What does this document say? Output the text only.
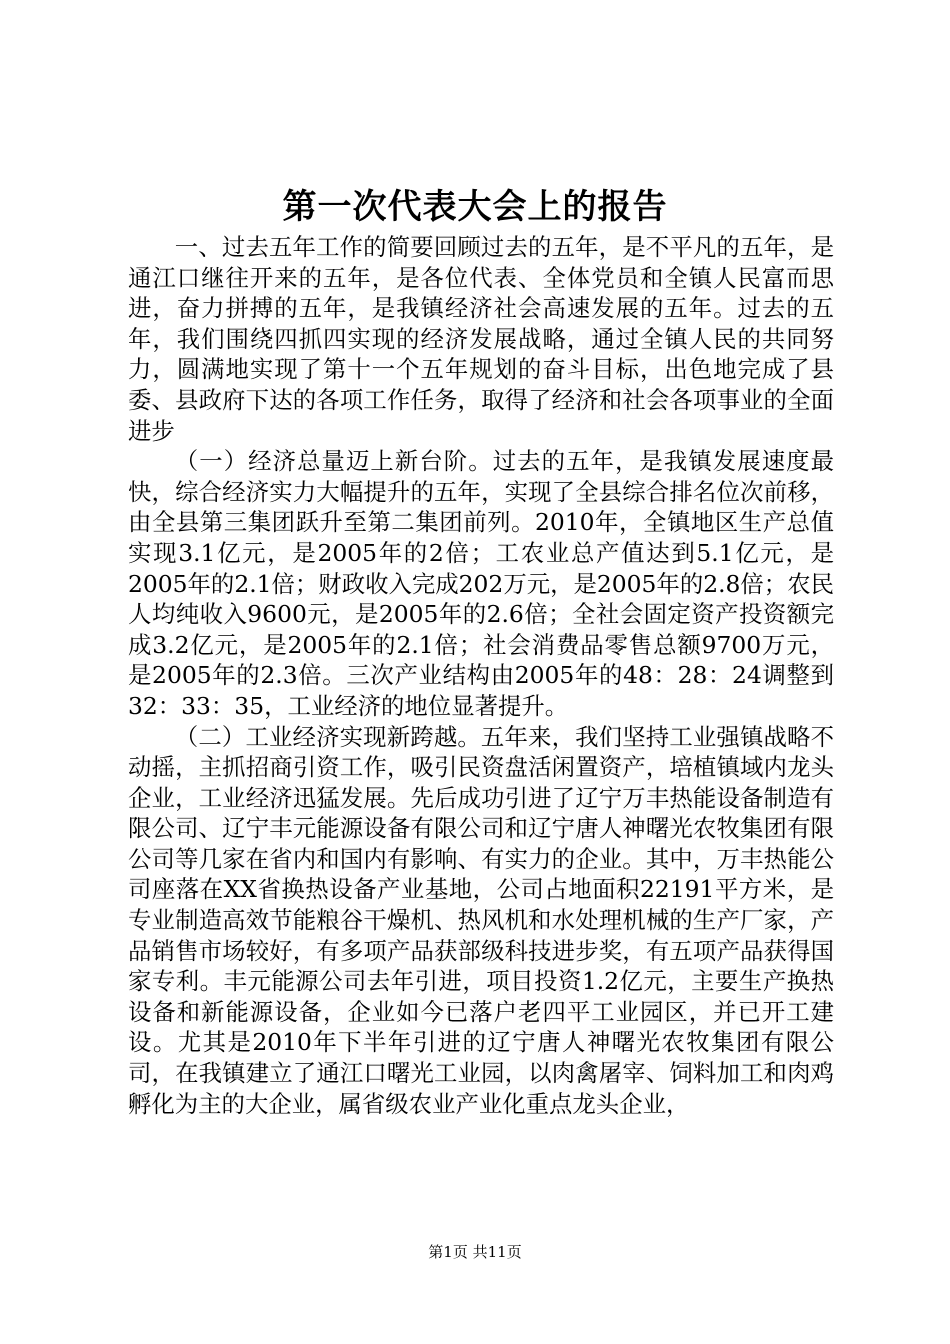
第一次代表大会上的报告

一、过去五年工作的简要回顾过去的五年，是不平凡的五年，是通江口继往开来的五年，是各位代表、全体党员和全镇人民富而思进，奋力拼搏的五年，是我镇经济社会高速发展的五年。过去的五年，我们围绕四抓四实现的经济发展战略，通过全镇人民的共同努力，圆满地实现了第十一个五年规划的奋斗目标，出色地完成了县委、县政府下达的各项工作任务，取得了经济和社会各项事业的全面进步

（一）经济总量迈上新台阶。过去的五年，是我镇发展速度最快，综合经济实力大幅提升的五年，实现了全县综合排名位次前移，由全县第三集团跃升至第二集团前列。2010年，全镇地区生产总值实现3.1亿元，是2005年的2倍；工农业总产值达到5.1亿元，是2005年的2.1倍；财政收入完成202万元，是2005年的2.8倍；农民人均纯收入9600元，是2005年的2.6倍；全社会固定资产投资额完成3.2亿元，是2005年的2.1倍；社会消费品零售总额9700万元，是2005年的2.3倍。三次产业结构由2005年的48：28：24调整到32：33：35，工业经济的地位显著提升。

（二）工业经济实现新跨越。五年来，我们坚持工业强镇战略不动摇，主抓招商引资工作，吸引民资盘活闲置资产，培植镇域内龙头企业，工业经济迅猛发展。先后成功引进了辽宁万丰热能设备制造有限公司、辽宁丰元能源设备有限公司和辽宁唐人神曙光农牧集团有限公司等几家在省内和国内有影响、有实力的企业。其中，万丰热能公司座落在XX省换热设备产业基地，公司占地面积22191平方米，是专业制造高效节能粮谷干燥机、热风机和水处理机械的生产厂家，产品销售市场较好，有多项产品获部级科技进步奖，有五项产品获得国家专利。丰元能源公司去年引进，项目投资1.2亿元，主要生产换热设备和新能源设备，企业如今已落户老四平工业园区，并已开工建设。尤其是2010年下半年引进的辽宁唐人神曙光农牧集团有限公司，在我镇建立了通江口曙光工业园，以肉禽屠宰、饲料加工和肉鸡孵化为主的大企业，属省级农业产业化重点龙头企业，

第1页 共11页
